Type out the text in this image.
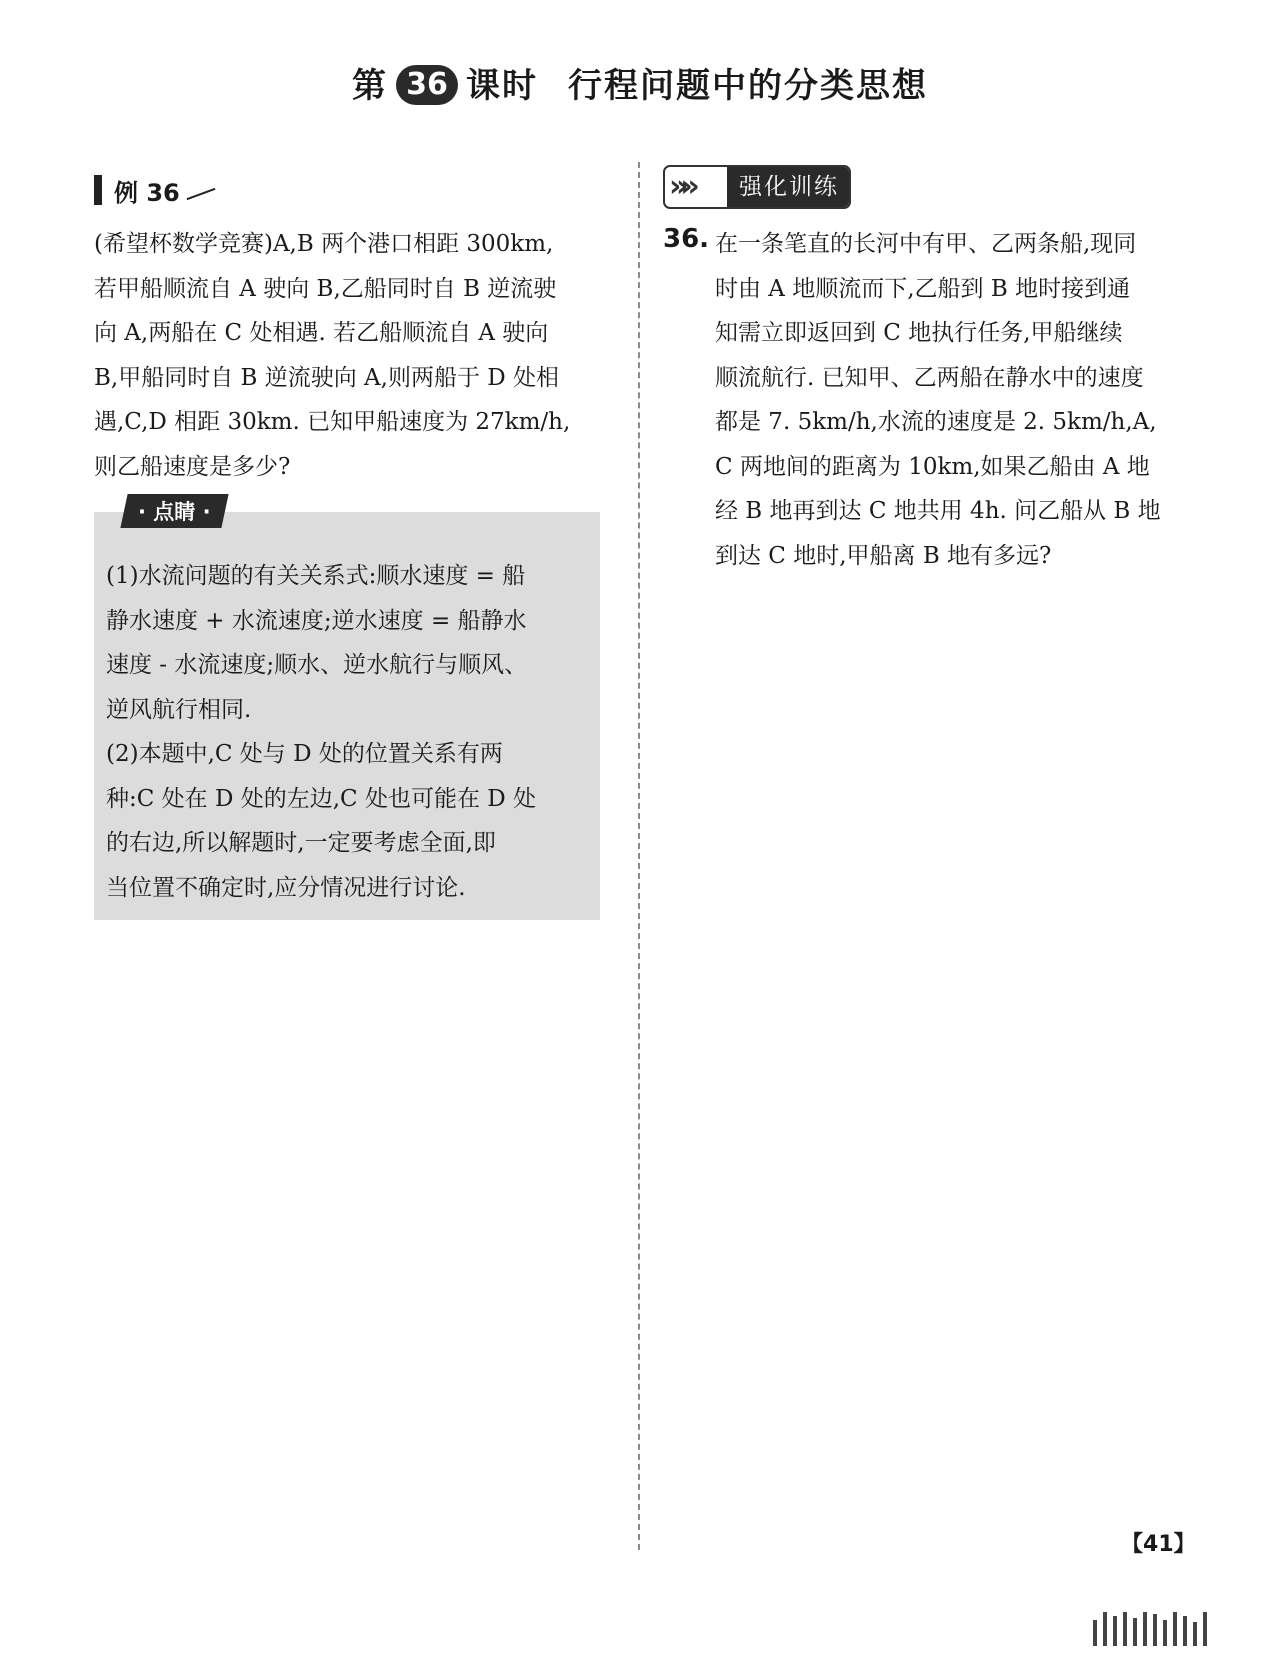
第 36 课时 行程问题中的分类思想
例 36
(希望杯数学竞赛)A,B 两个港口相距 300km,
若甲船顺流自 A 驶向 B,乙船同时自 B 逆流驶
向 A,两船在 C 处相遇. 若乙船顺流自 A 驶向
B,甲船同时自 B 逆流驶向 A,则两船于 D 处相
遇,C,D 相距 30km. 已知甲船速度为 27km/h,
则乙船速度是多少?
· 点睛 ·

(1)水流问题的有关关系式:顺水速度 = 船

静水速度 + 水流速度;逆水速度 = 船静水

速度 - 水流速度;顺水、逆水航行与顺风、

逆风航行相同.

(2)本题中,C 处与 D 处的位置关系有两

种:C 处在 D 处的左边,C 处也可能在 D 处

的右边,所以解题时,一定要考虑全面,即

当位置不确定时,应分情况进行讨论.

»»	强化训练
36. 在一条笔直的长河中有甲、乙两条船,现同
时由 A 地顺流而下,乙船到 B 地时接到通
知需立即返回到 C 地执行任务,甲船继续
顺流航行. 已知甲、乙两船在静水中的速度
都是 7. 5km/h,水流的速度是 2. 5km/h,A,
C 两地间的距离为 10km,如果乙船由 A 地
经 B 地再到达 C 地共用 4h. 问乙船从 B 地
到达 C 地时,甲船离 B 地有多远?
【41】
